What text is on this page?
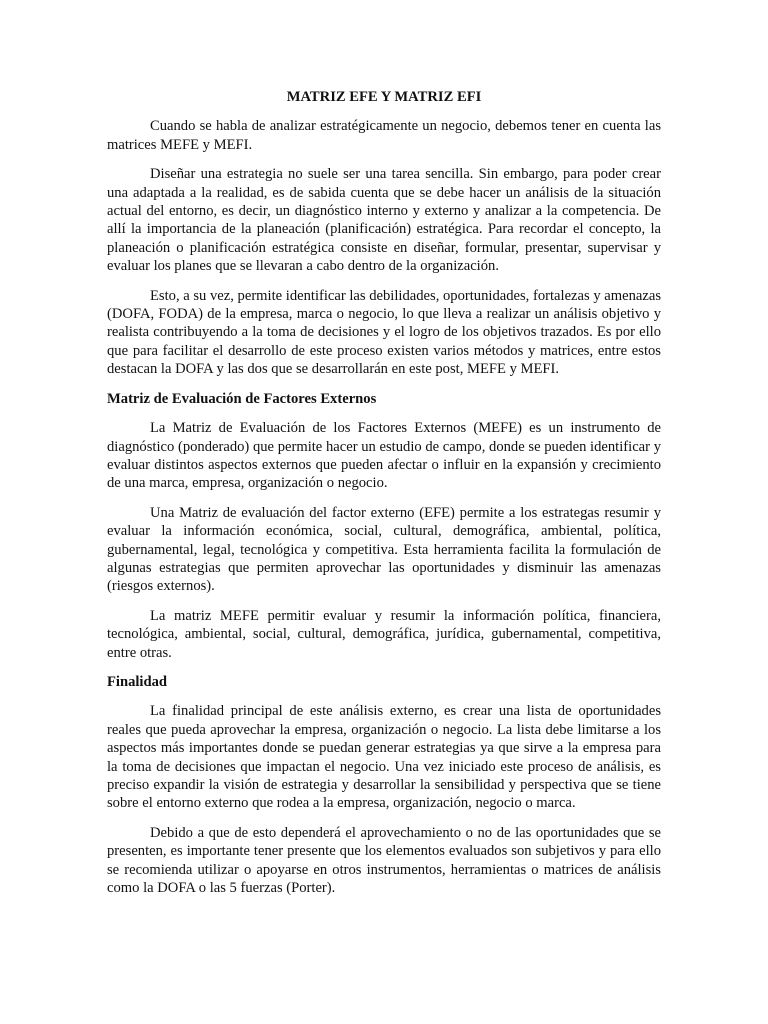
MATRIZ EFE Y MATRIZ EFI

Cuando se habla de analizar estratégicamente un negocio, debemos tener en cuenta las matrices MEFE y MEFI.

Diseñar una estrategia no suele ser una tarea sencilla. Sin embargo, para poder crear una adaptada a la realidad, es de sabida cuenta que se debe hacer un análisis de la situación actual del entorno, es decir, un diagnóstico interno y externo y analizar a la competencia. De allí la importancia de la planeación (planificación) estratégica. Para recordar el concepto, la planeación o planificación estratégica consiste en diseñar, formular, presentar, supervisar y evaluar los planes que se llevaran a cabo dentro de la organización.

Esto, a su vez, permite identificar las debilidades, oportunidades, fortalezas y amenazas (DOFA, FODA) de la empresa, marca o negocio, lo que lleva a realizar un análisis objetivo y realista contribuyendo a la toma de decisiones y el logro de los objetivos trazados. Es por ello que para facilitar el desarrollo de este proceso existen varios métodos y matrices, entre estos destacan la DOFA y las dos que se desarrollarán en este post, MEFE y MEFI.

Matriz de Evaluación de Factores Externos

La Matriz de Evaluación de los Factores Externos (MEFE) es un instrumento de diagnóstico (ponderado) que permite hacer un estudio de campo, donde se pueden identificar y evaluar distintos aspectos externos que pueden afectar o influir en la expansión y crecimiento de una marca, empresa, organización o negocio.

Una Matriz de evaluación del factor externo (EFE) permite a los estrategas resumir y evaluar la información económica, social, cultural, demográfica, ambiental, política, gubernamental, legal, tecnológica y competitiva. Esta herramienta facilita la formulación de algunas estrategias que permiten aprovechar las oportunidades y disminuir las amenazas (riesgos externos).

La matriz MEFE permitir evaluar y resumir la información política, financiera, tecnológica, ambiental, social, cultural, demográfica, jurídica, gubernamental, competitiva, entre otras.

Finalidad

La finalidad principal de este análisis externo, es crear una lista de oportunidades reales que pueda aprovechar la empresa, organización o negocio. La lista debe limitarse a los aspectos más importantes donde se puedan generar estrategias ya que sirve a la empresa para la toma de decisiones que impactan el negocio. Una vez iniciado este proceso de análisis, es preciso expandir la visión de estrategia y desarrollar la sensibilidad y perspectiva que se tiene sobre el entorno externo que rodea a la empresa, organización, negocio o marca.

Debido a que de esto dependerá el aprovechamiento o no de las oportunidades que se presenten, es importante tener presente que los elementos evaluados son subjetivos y para ello se recomienda utilizar o apoyarse en otros instrumentos, herramientas o matrices de análisis como la DOFA o las 5 fuerzas (Porter).
